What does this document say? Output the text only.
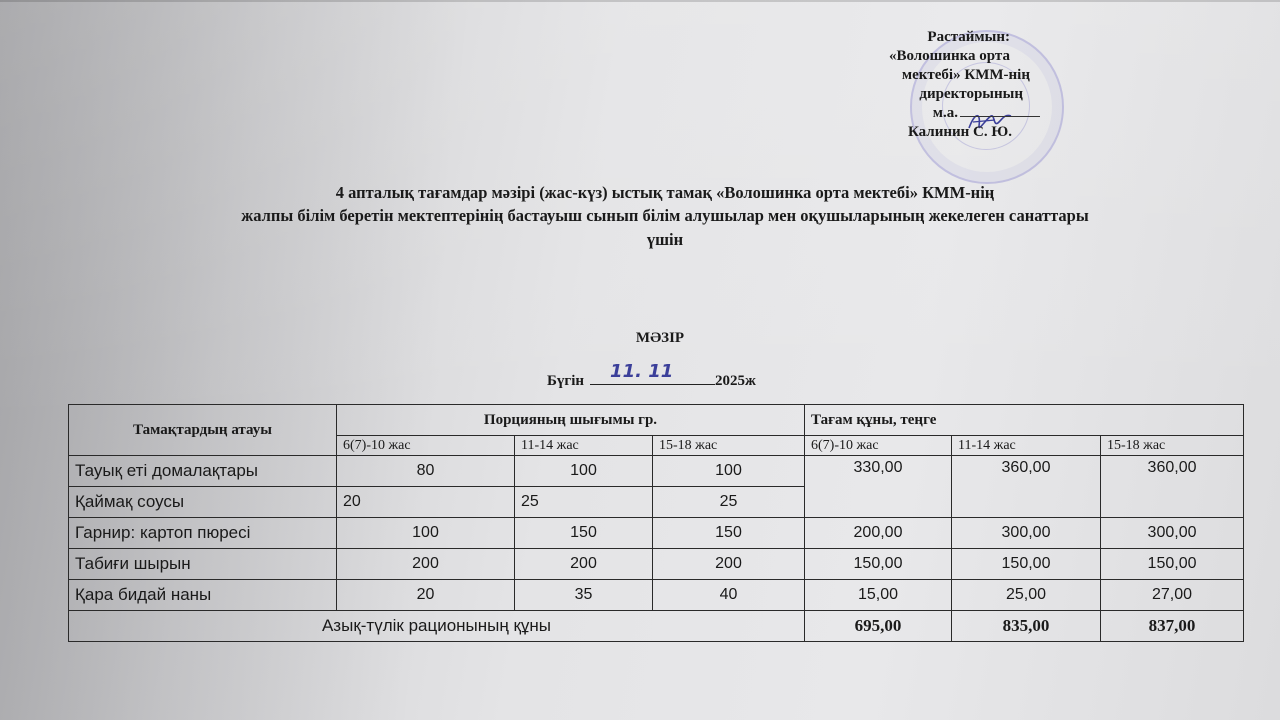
Растаймын:
«Волошинка орта
мектебі» КММ-нің
директорының
м.а.
Калинин С. Ю.
4 апталық тағамдар мәзірі (жас-күз) ыстық тамақ «Волошинка орта мектебі» КММ-нің
жалпы білім беретін мектептерінің бастауыш сынып білім алушылар мен оқушыларының жекелеген санаттары
үшін
МӘЗІР
Бүгін 11. 11	2025ж
Тамақтардың атауы	Порцияның шығымы гр.			Тағам құны, теңге		
	6(7)-10 жас	11-14 жас	15-18 жас	6(7)-10 жас	11-14 жас	15-18 жас
Тауық еті домалақтары	80	100	100	330,00	360,00	360,00
Қаймақ соусы	20	25	25			
Гарнир: картоп пюресі	100	150	150	200,00	300,00	300,00
Табиғи шырын	200	200	200	150,00	150,00	150,00
Қара бидай наны	20	35	40	15,00	25,00	27,00
Азық-түлік рационының құны				695,00	835,00	837,00
